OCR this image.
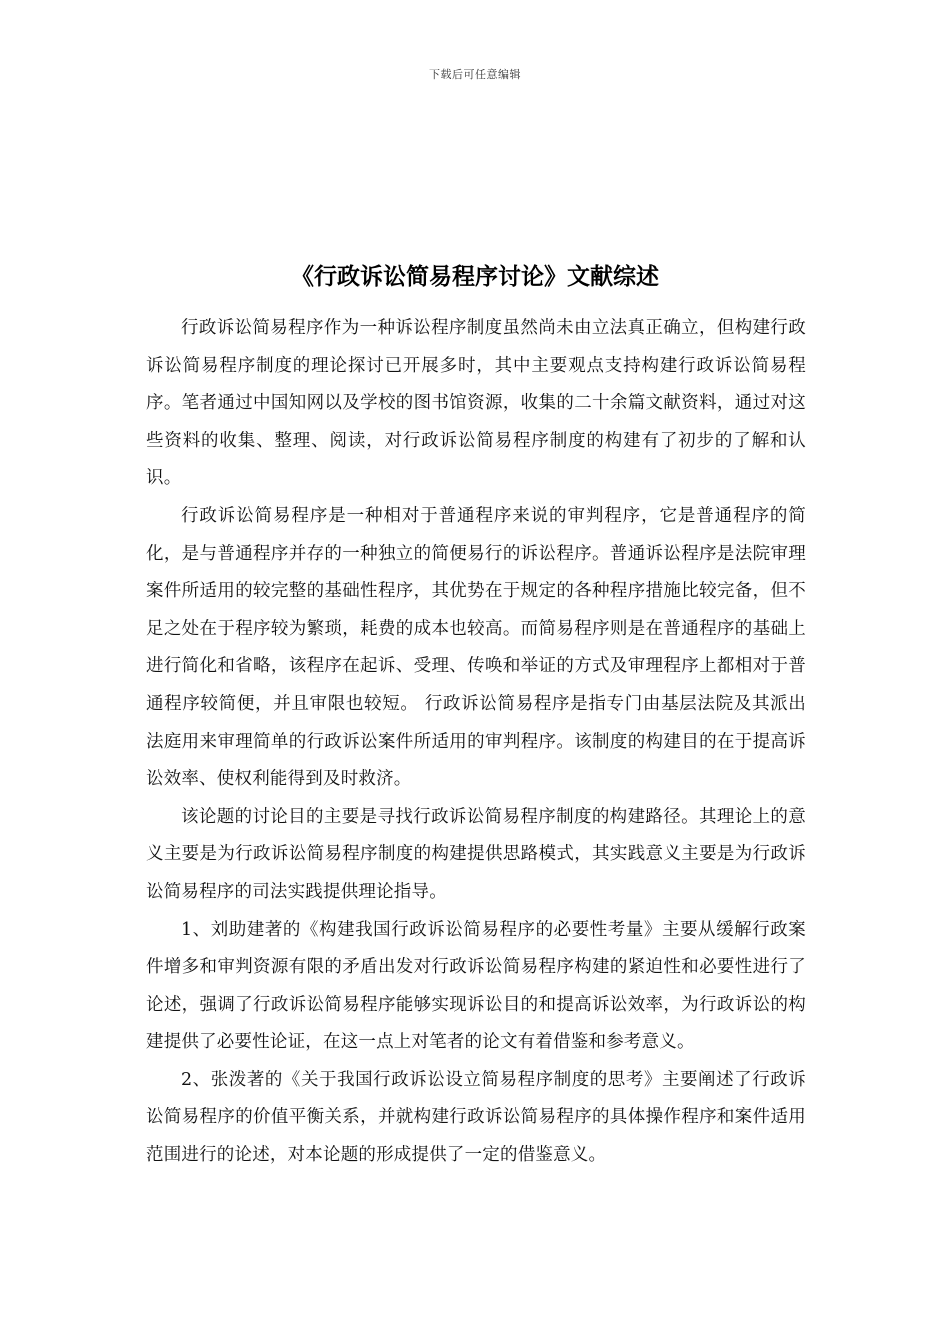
下载后可任意编辑
《行政诉讼简易程序讨论》文献综述

行政诉讼简易程序作为一种诉讼程序制度虽然尚未由立法真正确立，但构建行政诉讼简易程序制度的理论探讨已开展多时，其中主要观点支持构建行政诉讼简易程序。笔者通过中国知网以及学校的图书馆资源，收集的二十余篇文献资料，通过对这些资料的收集、整理、阅读，对行政诉讼简易程序制度的构建有了初步的了解和认识。

行政诉讼简易程序是一种相对于普通程序来说的审判程序，它是普通程序的简化，是与普通程序并存的一种独立的简便易行的诉讼程序。普通诉讼程序是法院审理案件所适用的较完整的基础性程序，其优势在于规定的各种程序措施比较完备，但不足之处在于程序较为繁琐，耗费的成本也较高。而简易程序则是在普通程序的基础上进行简化和省略，该程序在起诉、受理、传唤和举证的方式及审理程序上都相对于普通程序较简便，并且审限也较短。 行政诉讼简易程序是指专门由基层法院及其派出法庭用来审理简单的行政诉讼案件所适用的审判程序。该制度的构建目的在于提高诉讼效率、使权利能得到及时救济。

该论题的讨论目的主要是寻找行政诉讼简易程序制度的构建路径。其理论上的意义主要是为行政诉讼简易程序制度的构建提供思路模式，其实践意义主要是为行政诉讼简易程序的司法实践提供理论指导。

1、刘助建著的《构建我国行政诉讼简易程序的必要性考量》主要从缓解行政案件增多和审判资源有限的矛盾出发对行政诉讼简易程序构建的紧迫性和必要性进行了论述，强调了行政诉讼简易程序能够实现诉讼目的和提高诉讼效率，为行政诉讼的构建提供了必要性论证，在这一点上对笔者的论文有着借鉴和参考意义。

2、张泼著的《关于我国行政诉讼设立简易程序制度的思考》主要阐述了行政诉讼简易程序的价值平衡关系，并就构建行政诉讼简易程序的具体操作程序和案件适用范围进行的论述，对本论题的形成提供了一定的借鉴意义。
